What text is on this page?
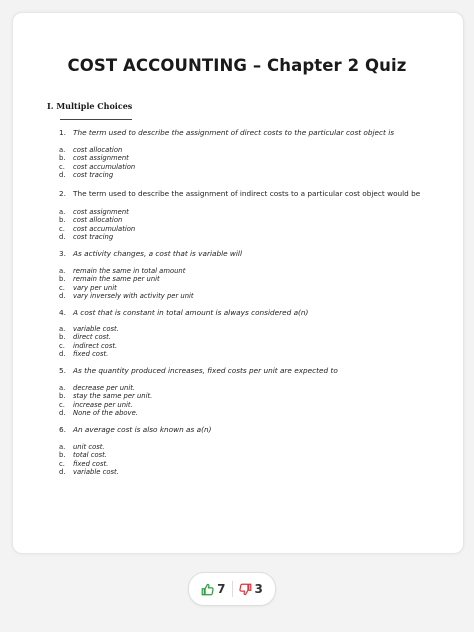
COST ACCOUNTING – Chapter 2 Quiz
I. Multiple Choices
1. The term used to describe the assignment of direct costs to the particular cost object is
a. cost allocation
b. cost assignment
c. cost accumulation
d. cost tracing
2. The term used to describe the assignment of indirect costs to a particular cost object would be
a. cost assignment
b. cost allocation
c. cost accumulation
d. cost tracing
3. As activity changes, a cost that is variable will
a. remain the same in total amount
b. remain the same per unit
c. vary per unit
d. vary inversely with activity per unit
4. A cost that is constant in total amount is always considered a(n)
a. variable cost.
b. direct cost.
c. indirect cost.
d. fixed cost.
5. As the quantity produced increases, fixed costs per unit are expected to
a. decrease per unit.
b. stay the same per unit.
c. increase per unit.
d. None of the above.
6. An average cost is also known as a(n)
a. unit cost.
b. total cost.
c. fixed cost.
d. variable cost.
7 3
